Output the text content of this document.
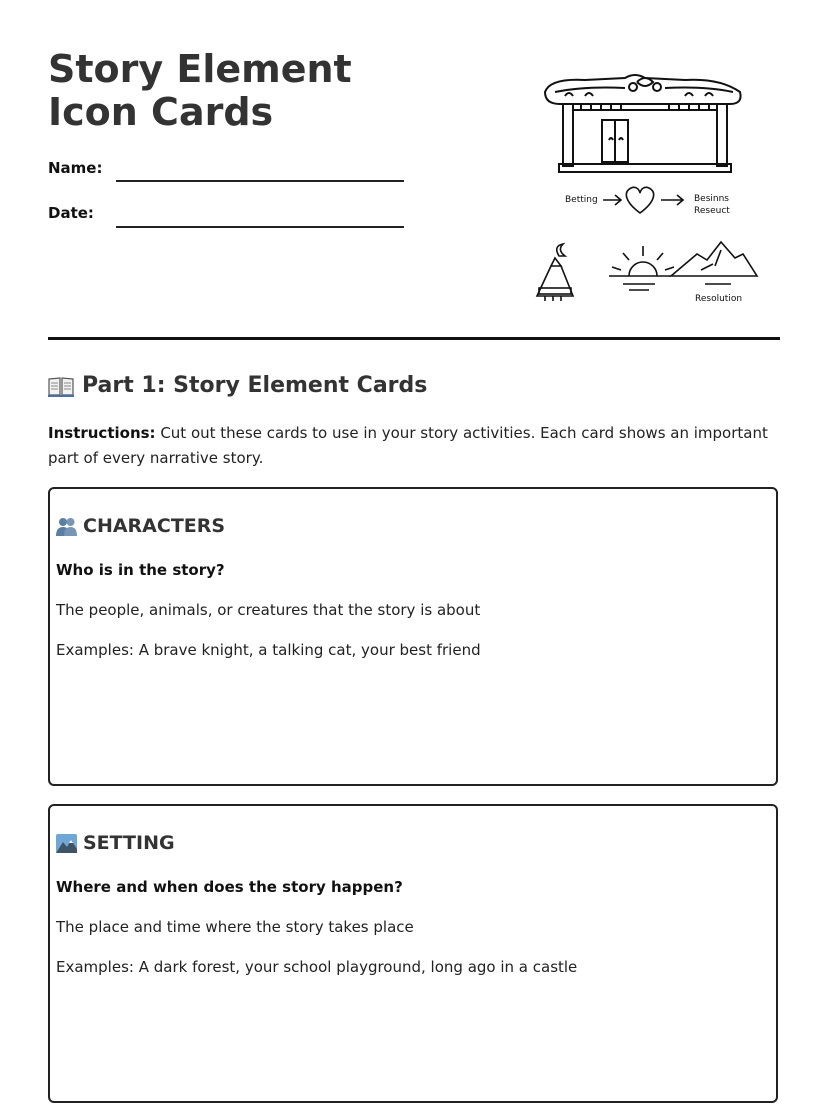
Story Element Icon Cards
Name:
Date:
Betting	Besinns
Reseuct
Resolution
Part 1: Story Element Cards

Instructions: Cut out these cards to use in your story activities. Each card shows an important part of every narrative story.

CHARACTERS

Who is in the story?

The people, animals, or creatures that the story is about

Examples: A brave knight, a talking cat, your best friend

SETTING

Where and when does the story happen?

The place and time where the story takes place

Examples: A dark forest, your school playground, long ago in a castle
